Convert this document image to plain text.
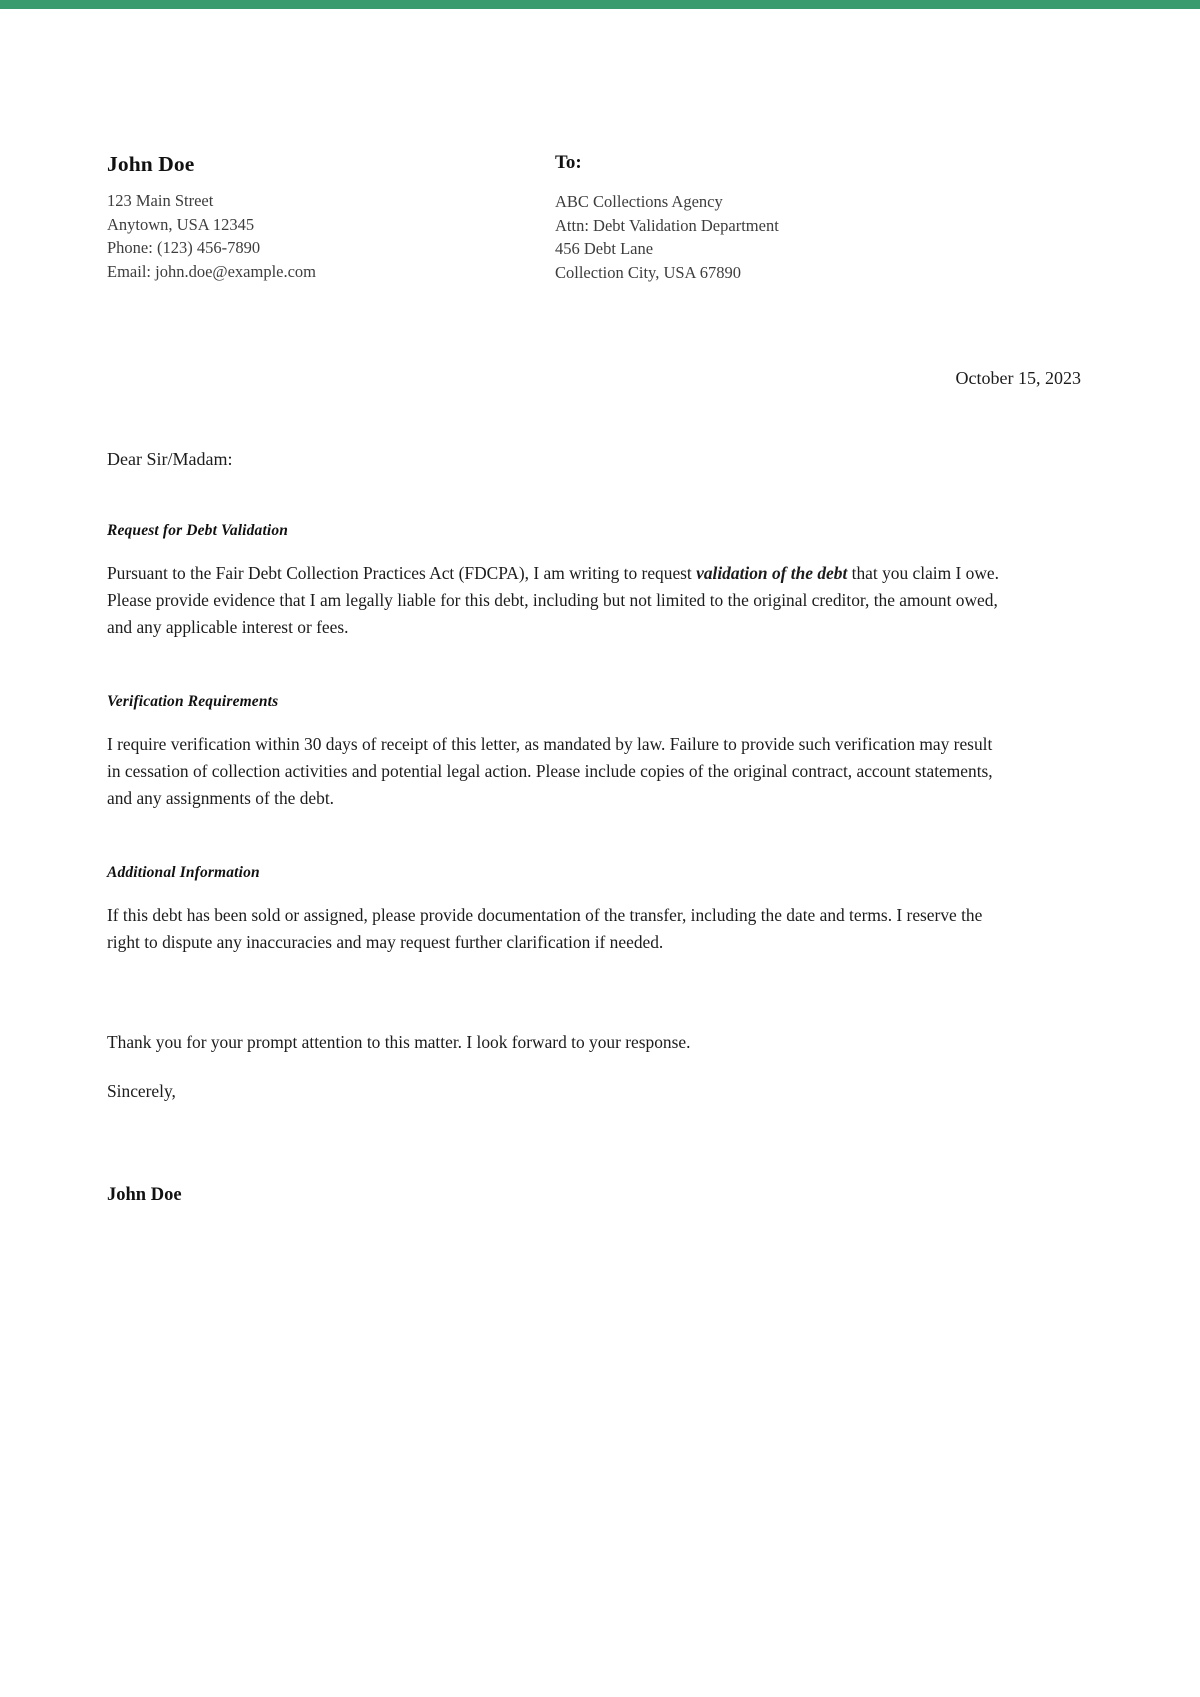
John Doe
123 Main Street
Anytown, USA 12345
Phone: (123) 456-7890
Email: john.doe@example.com
To:
ABC Collections Agency
Attn: Debt Validation Department
456 Debt Lane
Collection City, USA 67890
October 15, 2023
Dear Sir/Madam:
Request for Debt Validation
Pursuant to the Fair Debt Collection Practices Act (FDCPA), I am writing to request validation of the debt that you claim I owe. Please provide evidence that I am legally liable for this debt, including but not limited to the original creditor, the amount owed, and any applicable interest or fees.
Verification Requirements
I require verification within 30 days of receipt of this letter, as mandated by law. Failure to provide such verification may result in cessation of collection activities and potential legal action. Please include copies of the original contract, account statements, and any assignments of the debt.
Additional Information
If this debt has been sold or assigned, please provide documentation of the transfer, including the date and terms. I reserve the right to dispute any inaccuracies and may request further clarification if needed.
Thank you for your prompt attention to this matter. I look forward to your response.
Sincerely,
John Doe
